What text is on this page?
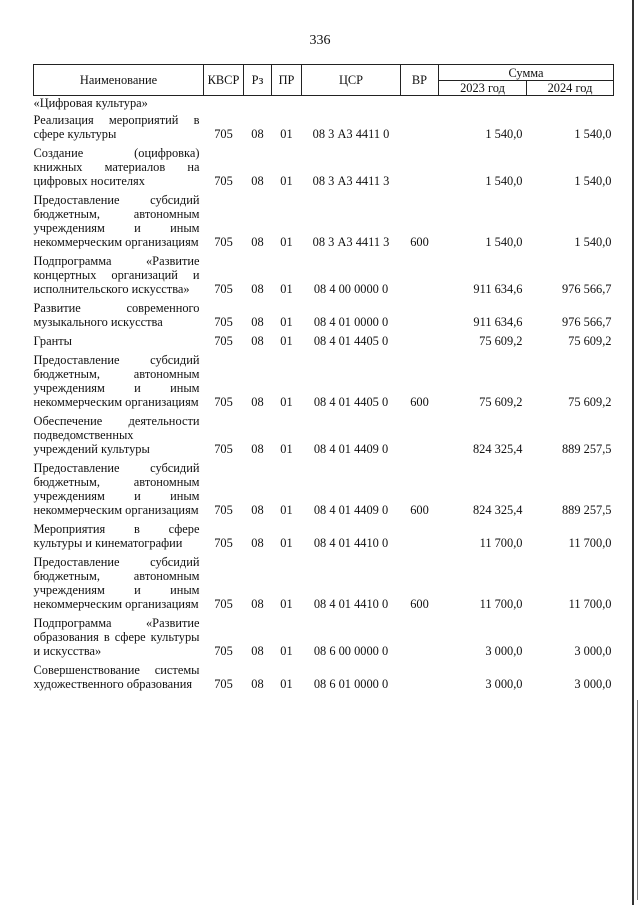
336
Наименование	КВСР	Рз	ПР	ЦСР	ВР	Сумма	
						2023 год	2024 год
«Цифровая культура»							
Реализация мероприятий в сфере культуры	705	08	01	08 3 А3 4411 0		1 540,0	1 540,0
Создание (оцифровка) книжных материалов на цифровых носителях	705	08	01	08 3 А3 4411 3		1 540,0	1 540,0
Предоставление субсидий бюджетным, автономным учреждениям и иным некоммерческим организациям	705	08	01	08 3 А3 4411 3	600	1 540,0	1 540,0
Подпрограмма «Развитие концертных организаций и исполнительского искусства»	705	08	01	08 4 00 0000 0		911 634,6	976 566,7
Развитие современного музыкального искусства	705	08	01	08 4 01 0000 0		911 634,6	976 566,7
Гранты	705	08	01	08 4 01 4405 0		75 609,2	75 609,2
Предоставление субсидий бюджетным, автономным учреждениям и иным некоммерческим организациям	705	08	01	08 4 01 4405 0	600	75 609,2	75 609,2
Обеспечение деятельности подведомственных учреждений культуры	705	08	01	08 4 01 4409 0		824 325,4	889 257,5
Предоставление субсидий бюджетным, автономным учреждениям и иным некоммерческим организациям	705	08	01	08 4 01 4409 0	600	824 325,4	889 257,5
Мероприятия в сфере культуры и кинематографии	705	08	01	08 4 01 4410 0		11 700,0	11 700,0
Предоставление субсидий бюджетным, автономным учреждениям и иным некоммерческим организациям	705	08	01	08 4 01 4410 0	600	11 700,0	11 700,0
Подпрограмма «Развитие образования в сфере культуры и искусства»	705	08	01	08 6 00 0000 0		3 000,0	3 000,0
Совершенствование системы художественного образования	705	08	01	08 6 01 0000 0		3 000,0	3 000,0
